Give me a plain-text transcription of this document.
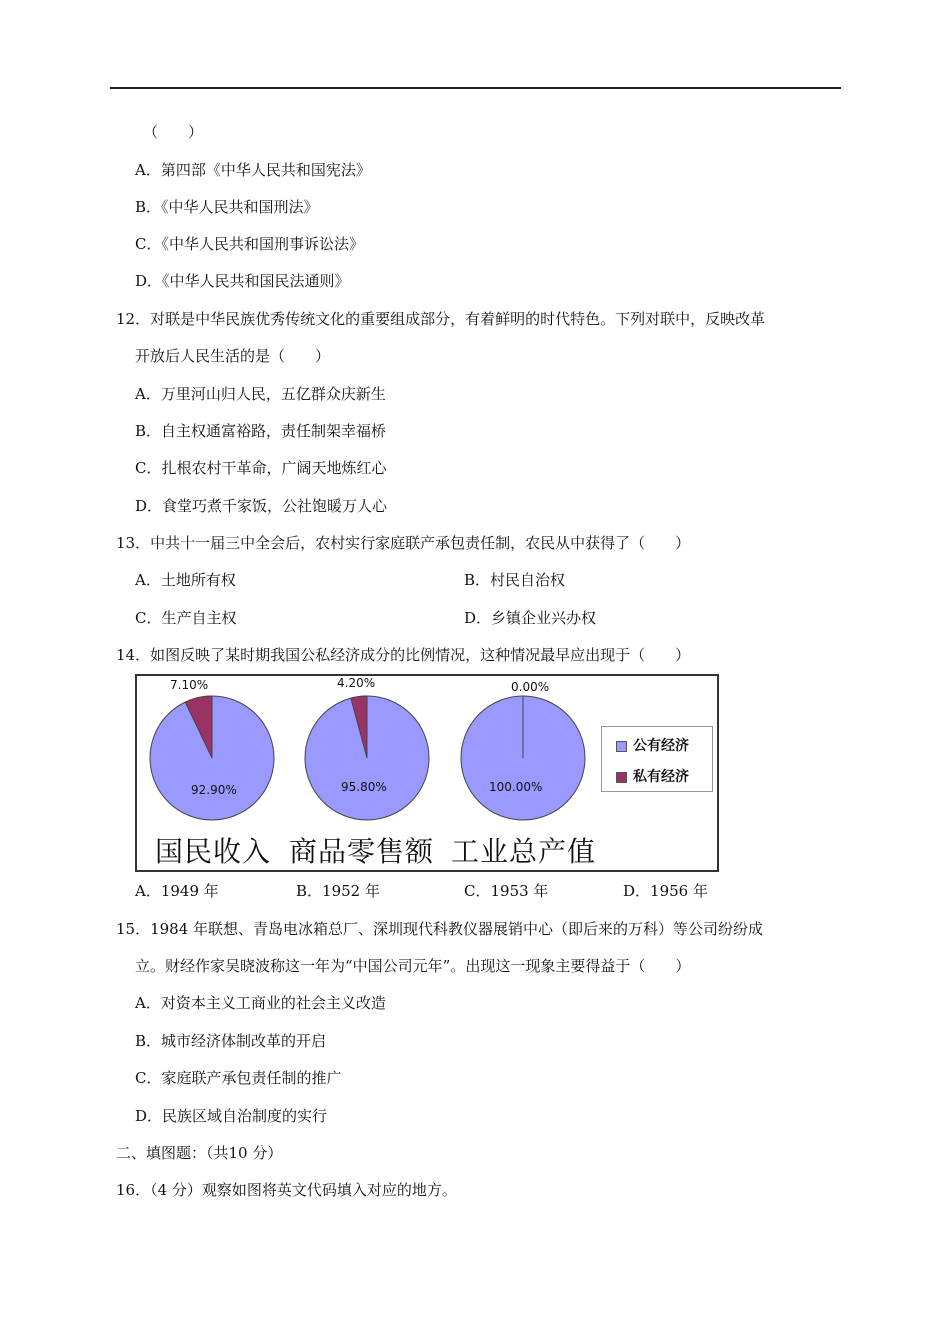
（　　）
A．第四部《中华人民共和国宪法》
B．《中华人民共和国刑法》
C．《中华人民共和国刑事诉讼法》
D．《中华人民共和国民法通则》
12．对联是中华民族优秀传统文化的重要组成部分，有着鲜明的时代特色。下列对联中，反映改革
开放后人民生活的是（　　）
A．万里河山归人民，五亿群众庆新生
B．自主权通富裕路，责任制架幸福桥
C．扎根农村干革命，广阔天地炼红心
D．食堂巧煮千家饭，公社饱暖万人心
13．中共十一届三中全会后，农村实行家庭联产承包责任制，农民从中获得了（　　）
A．土地所有权	B．村民自治权
C．生产自主权	D．乡镇企业兴办权
14．如图反映了某时期我国公私经济成分的比例情况，这种情况最早应出现于（　　）
7.10%
92.90%
4.20%
95.80%
0.00%
100.00%
公有经济
私有经济
国民收入 商品零售额 工业总产值
A．1949 年	B．1952 年	C．1953 年	D．1956 年
15．1984 年联想、青岛电冰箱总厂、深圳现代科教仪器展销中心（即后来的万科）等公司纷纷成
立。财经作家吴晓波称这一年为“中国公司元年”。出现这一现象主要得益于（　　）
A．对资本主义工商业的社会主义改造
B．城市经济体制改革的开启
C．家庭联产承包责任制的推广
D．民族区域自治制度的实行
二、填图题：（共10 分）
16．（4 分）观察如图将英文代码填入对应的地方。
